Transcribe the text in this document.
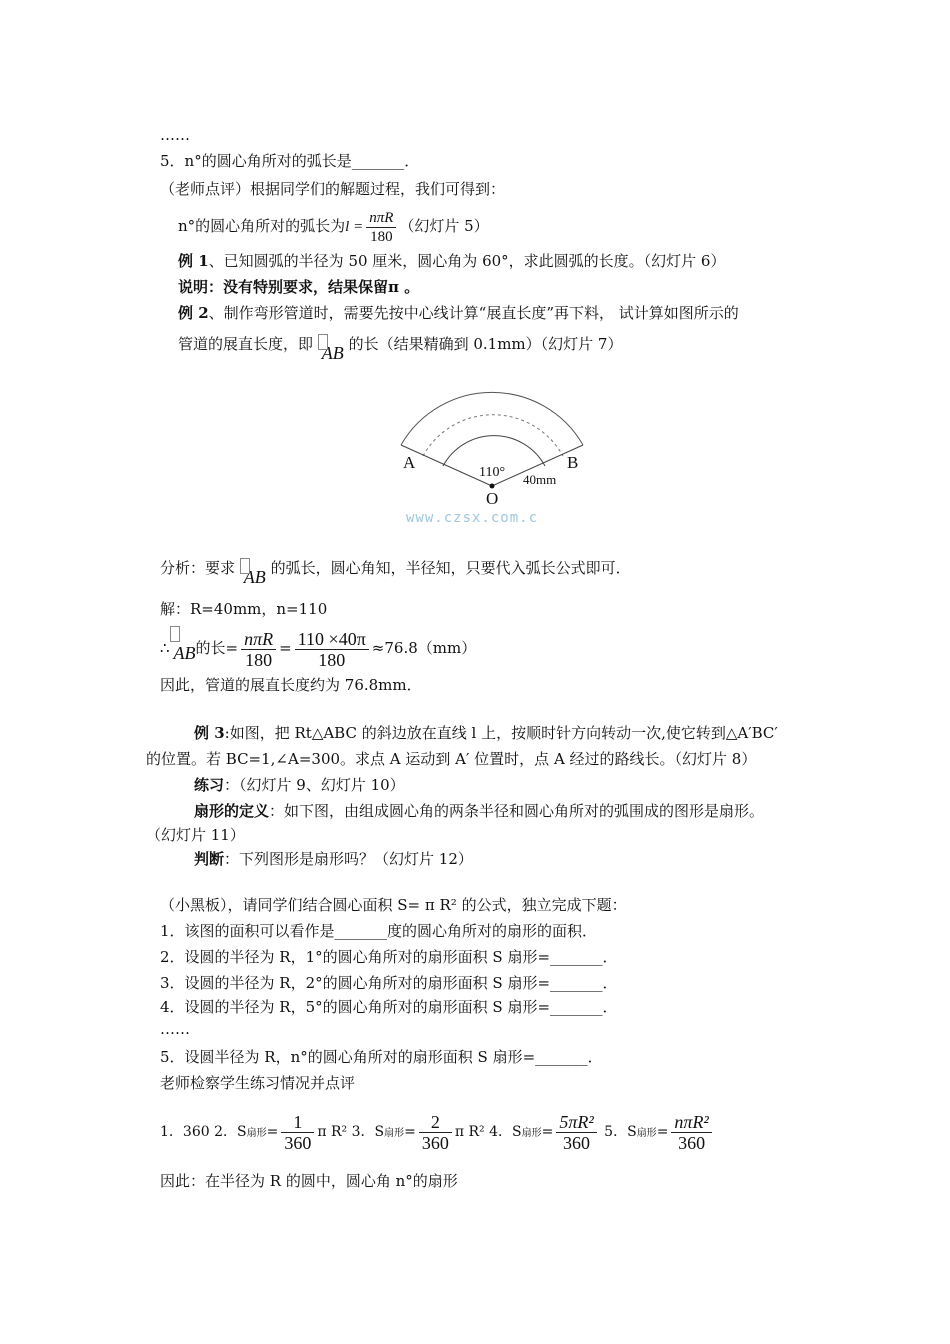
……
5．n°的圆心角所对的弧长是_______．
（老师点评）根据同学们的解题过程，我们可得到：
n°的圆心角所对的弧长为$l = \frac{\text{nπR}}{180}$ （幻灯片 5）
例 1、已知圆弧的半径为 50 厘米，圆心角为 60°，求此圆弧的长度。（幻灯片 6）
说明：没有特别要求，结果保留π 。
例 2、制作弯形管道时，需要先按中心线计算“展直长度”再下料， 试计算如图所示的
管道的展直长度，即 AB 的长（结果精确到 0.1mm）（幻灯片 7）
A	B
O
110° 40mm
www.czsx.com.c
分析：要求 AB 的弧长，圆心角知，半径知，只要代入弧长公式即可．
解：R=40mm，n=110
∴ AB的长= $\frac{\text{nπR}}{180} = \frac{110 \times 40\pi}{180} \approx 76.8(mm)$
因此，管道的展直长度约为 76.8mm．
例 3:如图，把 Rt△ABC 的斜边放在直线 l 上，按顺时针方向转动一次,使它转到△A′BC′
的位置。若 BC=1,∠A=300。求点 A 运动到 A′ 位置时，点 A 经过的路线长。（幻灯片 8）
练习：（幻灯片 9、幻灯片 10）
扇形的定义：如下图，由组成圆心角的两条半径和圆心角所对的弧围成的图形是扇形。
（幻灯片 11）
判断：下列图形是扇形吗？（幻灯片 12）
（小黑板），请同学们结合圆心面积 S= π R² 的公式，独立完成下题：
1．该图的面积可以看作是_______度的圆心角所对的扇形的面积．
2．设圆的半径为 R，1°的圆心角所对的扇形面积 S 扇形=_______．
3．设圆的半径为 R，2°的圆心角所对的扇形面积 S 扇形=_______．
4．设圆的半径为 R，5°的圆心角所对的扇形面积 S 扇形=_______．
……
5．设圆半径为 R，n°的圆心角所对的扇形面积 S 扇形=_______．
老师检察学生练习情况并点评
1．360 2．S扇形= $\frac{1}{360}$ π R² 3．S扇形= $\frac{2}{360}$ π R² 4．S扇形= $\frac{\text{5πR²}}{360} 5$．S扇形= $\frac{\text{nπR²}}{360}$
因此：在半径为 R 的圆中，圆心角 n°的扇形
